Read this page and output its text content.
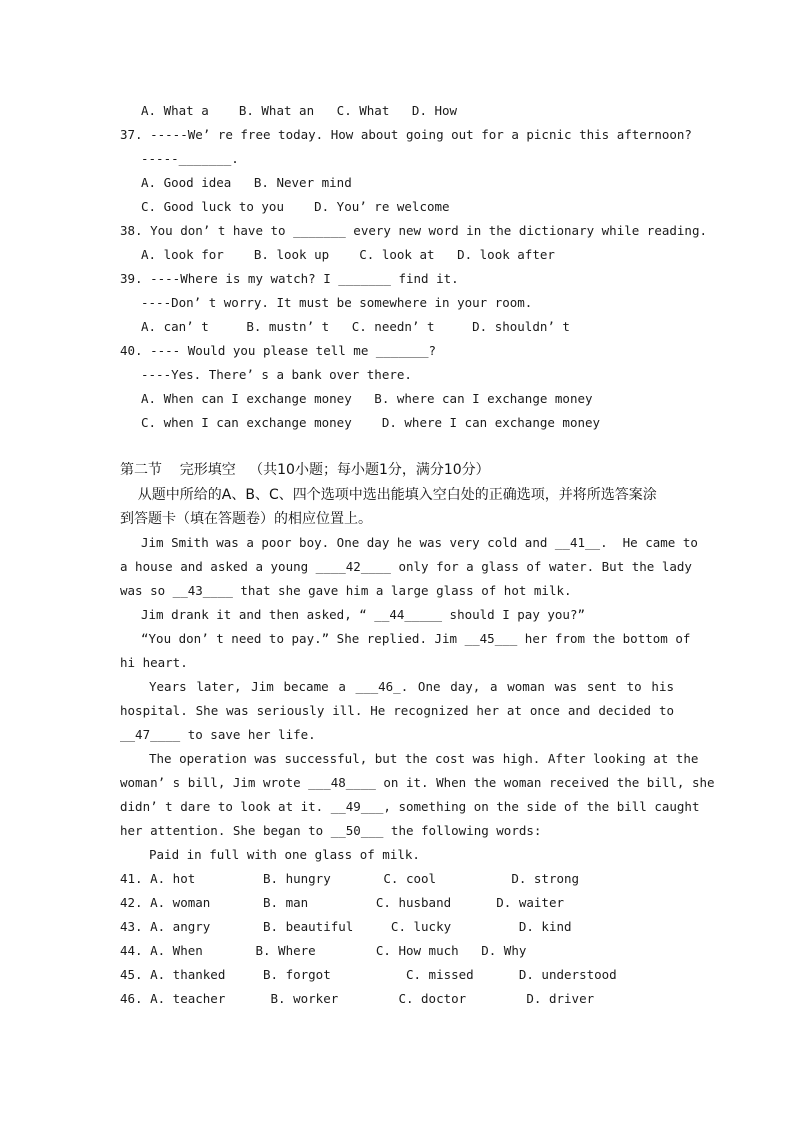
A. What a    B. What an   C. What   D. How
37. -----We’ re free today. How about going out for a picnic this afternoon?
-----_______.
A. Good idea   B. Never mind
C. Good luck to you    D. You’ re welcome
38. You don’ t have to _______ every new word in the dictionary while reading.
A. look for    B. look up    C. look at   D. look after
39. ----Where is my watch? I _______ find it.
----Don’ t worry. It must be somewhere in your room.
A. can’ t     B. mustn’ t   C. needn’ t     D. shouldn’ t
40. ---- Would you please tell me _______?
----Yes. There’ s a bank over there.
A. When can I exchange money   B. where can I exchange money
C. when I can exchange money    D. where I can exchange money
第二节    完形填空   （共10小题；每小题1分，满分10分）
从题中所给的A、B、C、四个选项中选出能填入空白处的正确选项，并将所选答案涂
到答题卡（填在答题卷）的相应位置上。
Jim Smith was a poor boy. One day he was very cold and __41__.  He came to
a house and asked a young ____42____ only for a glass of water. But the lady
was so __43____ that she gave him a large glass of hot milk.
Jim drank it and then asked, “ __44_____ should I pay you?”
“You don’ t need to pay.” She replied. Jim __45___ her from the bottom of
hi heart.
Years later, Jim became a ___46_. One day, a woman was sent to his
hospital. She was seriously ill. He recognized her at once and decided to
__47____ to save her life.
The operation was successful, but the cost was high. After looking at the
woman’ s bill, Jim wrote ___48____ on it. When the woman received the bill, she
didn’ t dare to look at it. __49___, something on the side of the bill caught
her attention. She began to __50___ the following words:
Paid in full with one glass of milk.
41. A. hot         B. hungry       C. cool          D. strong
42. A. woman       B. man         C. husband      D. waiter
43. A. angry       B. beautiful     C. lucky         D. kind
44. A. When       B. Where        C. How much   D. Why
45. A. thanked     B. forgot          C. missed      D. understood
46. A. teacher      B. worker        C. doctor        D. driver
